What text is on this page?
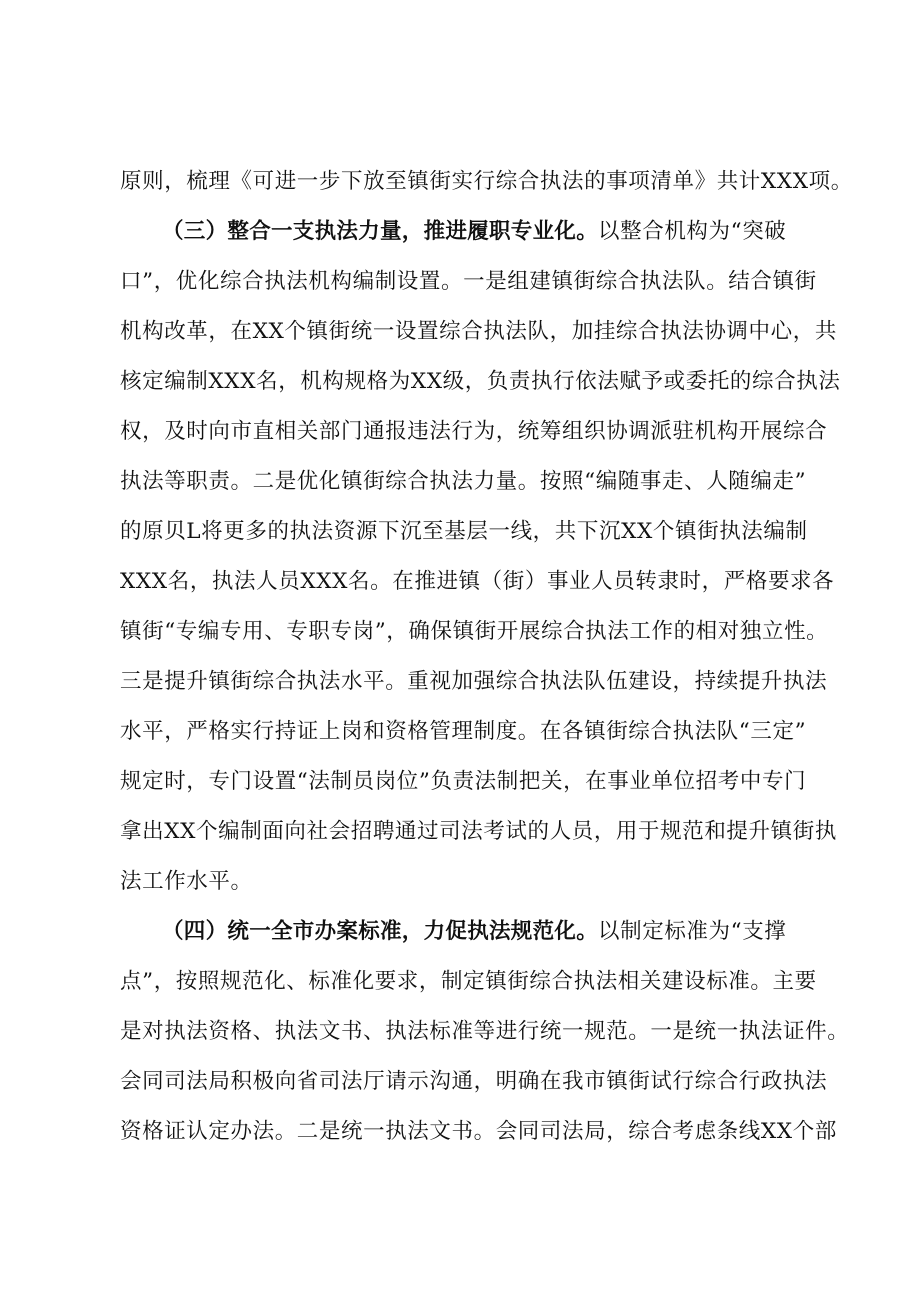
原则，梳理《可进一步下放至镇街实行综合执法的事项清单》共计XXX项。
（三）整合一支执法力量，推进履职专业化。以整合机构为“突破
口”，优化综合执法机构编制设置。一是组建镇街综合执法队。结合镇街
机构改革，在XX个镇街统一设置综合执法队，加挂综合执法协调中心，共
核定编制XXX名，机构规格为XX级，负责执行依法赋予或委托的综合执法
权，及时向市直相关部门通报违法行为，统筹组织协调派驻机构开展综合
执法等职责。二是优化镇街综合执法力量。按照“编随事走、人随编走”
的原贝L将更多的执法资源下沉至基层一线，共下沉XX个镇街执法编制
XXX名，执法人员XXX名。在推进镇（街）事业人员转隶时，严格要求各
镇街“专编专用、专职专岗”，确保镇街开展综合执法工作的相对独立性。
三是提升镇街综合执法水平。重视加强综合执法队伍建设，持续提升执法
水平，严格实行持证上岗和资格管理制度。在各镇街综合执法队“三定”
规定时，专门设置“法制员岗位”负责法制把关，在事业单位招考中专门
拿出XX个编制面向社会招聘通过司法考试的人员，用于规范和提升镇街执
法工作水平。
（四）统一全市办案标准，力促执法规范化。以制定标准为“支撑
点”，按照规范化、标准化要求，制定镇街综合执法相关建设标准。主要
是对执法资格、执法文书、执法标准等进行统一规范。一是统一执法证件。
会同司法局积极向省司法厅请示沟通，明确在我市镇街试行综合行政执法
资格证认定办法。二是统一执法文书。会同司法局，综合考虑条线XX个部
